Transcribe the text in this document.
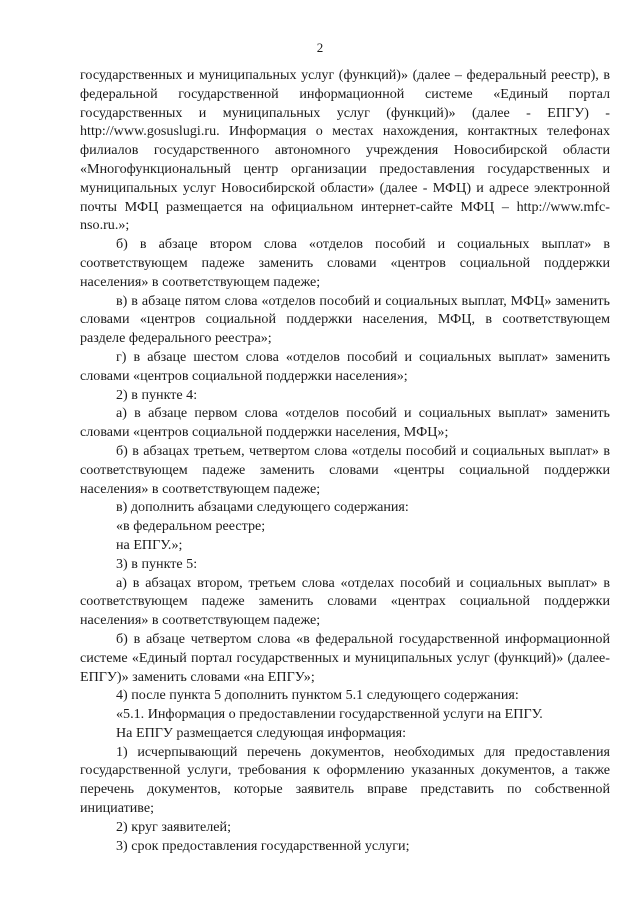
2

государственных и муниципальных услуг (функций)» (далее – федеральный реестр), в федеральной государственной информационной системе «Единый портал государственных и муниципальных услуг (функций)» (далее - ЕПГУ) - http://www.gosuslugi.ru. Информация о местах нахождения, контактных телефонах филиалов государственного автономного учреждения Новосибирской области «Многофункциональный центр организации предоставления государственных и муниципальных услуг Новосибирской области» (далее - МФЦ) и адресе электронной почты МФЦ размещается на официальном интернет-сайте МФЦ – http://www.mfc-nso.ru.»;

б) в абзаце втором слова «отделов пособий и социальных выплат» в соответствующем падеже заменить словами «центров социальной поддержки населения» в соответствующем падеже;

в) в абзаце пятом слова «отделов пособий и социальных выплат, МФЦ» заменить словами «центров социальной поддержки населения, МФЦ, в соответствующем разделе федерального реестра»;

г) в абзаце шестом слова «отделов пособий и социальных выплат» заменить словами «центров социальной поддержки населения»;

2) в пункте 4:

а) в абзаце первом слова «отделов пособий и социальных выплат» заменить словами «центров социальной поддержки населения, МФЦ»;

б) в абзацах третьем, четвертом слова «отделы пособий и социальных выплат» в соответствующем падеже заменить словами «центры социальной поддержки населения» в соответствующем падеже;

в) дополнить абзацами следующего содержания:

«в федеральном реестре;

на ЕПГУ.»;

3) в пункте 5:

а) в абзацах втором, третьем слова «отделах пособий и социальных выплат» в соответствующем падеже заменить словами «центрах социальной поддержки населения» в соответствующем падеже;

б) в абзаце четвертом слова «в федеральной государственной информационной системе «Единый портал государственных и муниципальных услуг (функций)» (далее-ЕПГУ)» заменить словами «на ЕПГУ»;

4) после пункта 5 дополнить пунктом 5.1 следующего содержания:

«5.1. Информация о предоставлении государственной услуги на ЕПГУ.

На ЕПГУ размещается следующая информация:

1) исчерпывающий перечень документов, необходимых для предоставления государственной услуги, требования к оформлению указанных документов, а также перечень документов, которые заявитель вправе представить по собственной инициативе;

2) круг заявителей;

3) срок предоставления государственной услуги;
